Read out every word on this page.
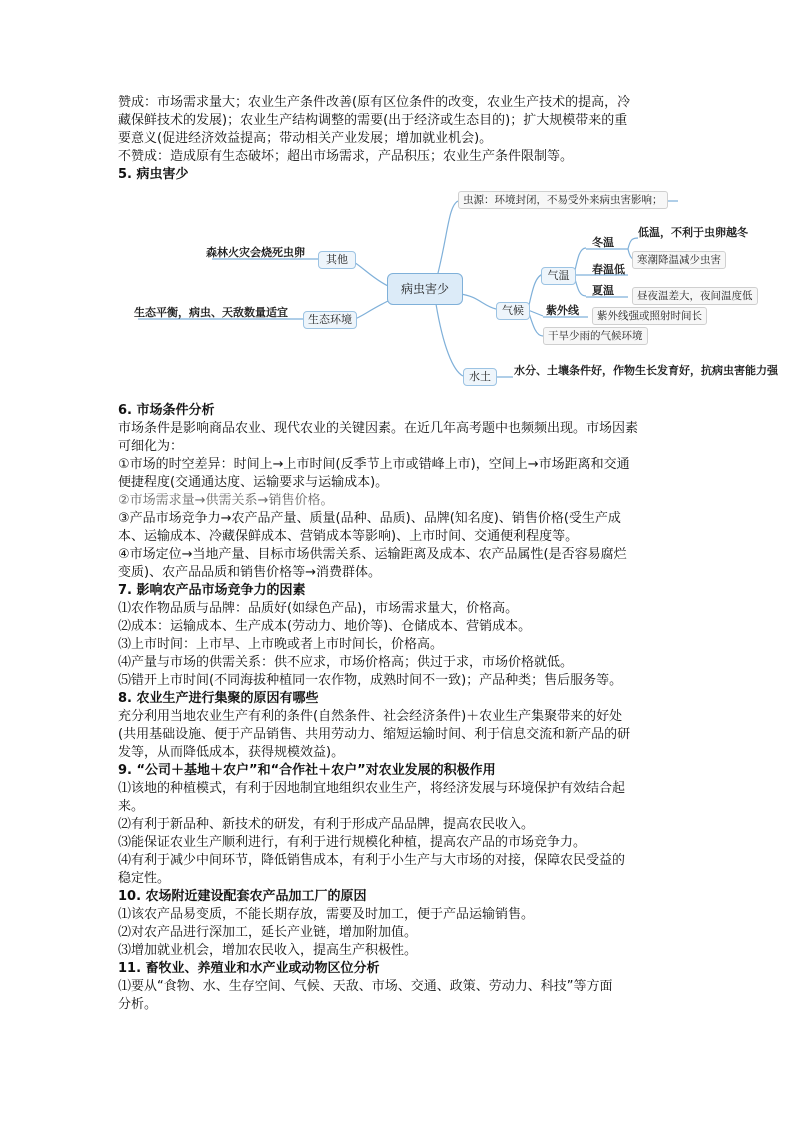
赞成：市场需求量大；农业生产条件改善(原有区位条件的改变，农业生产技术的提高，冷

藏保鲜技术的发展)；农业生产结构调整的需要(出于经济或生态目的)；扩大规模带来的重

要意义(促进经济效益提高；带动相关产业发展；增加就业机会)。

不赞成：造成原有生态破坏；超出市场需求，产品积压；农业生产条件限制等。

5. 病虫害少

虫源：环境封闭，不易受外来病虫害影响；
森林火灾会烧死虫卵
其他
生态平衡，病虫、天敌数量适宜
生态环境
病虫害少
气候
气温
冬温
低温，不利于虫卵越冬
寒潮降温减少虫害
春温低
夏温	昼夜温差大，夜间温度低
紫外线	紫外线强或照射时间长
干旱少雨的气候环境
水土	水分、土壤条件好，作物生长发育好，抗病虫害能力强

6. 市场条件分析

市场条件是影响商品农业、现代农业的关键因素。在近几年高考题中也频频出现。市场因素

可细化为：

①市场的时空差异：时间上→上市时间(反季节上市或错峰上市)，空间上→市场距离和交通

便捷程度(交通通达度、运输要求与运输成本)。

②市场需求量→供需关系→销售价格。

③产品市场竞争力→农产品产量、质量(品种、品质)、品牌(知名度)、销售价格(受生产成

本、运输成本、冷藏保鲜成本、营销成本等影响)、上市时间、交通便利程度等。

④市场定位→当地产量、目标市场供需关系、运输距离及成本、农产品属性(是否容易腐烂

变质)、农产品品质和销售价格等→消费群体。

7. 影响农产品市场竞争力的因素

⑴农作物品质与品牌：品质好(如绿色产品)，市场需求量大，价格高。

⑵成本：运输成本、生产成本(劳动力、地价等)、仓储成本、营销成本。

⑶上市时间：上市早、上市晚或者上市时间长，价格高。

⑷产量与市场的供需关系：供不应求，市场价格高；供过于求，市场价格就低。

⑸错开上市时间(不同海拔种植同一农作物，成熟时间不一致)；产品种类；售后服务等。

8. 农业生产进行集聚的原因有哪些

充分利用当地农业生产有利的条件(自然条件、社会经济条件)＋农业生产集聚带来的好处

(共用基础设施、便于产品销售、共用劳动力、缩短运输时间、利于信息交流和新产品的研

发等，从而降低成本，获得规模效益)。

9. “公司＋基地＋农户”和“合作社＋农户”对农业发展的积极作用

⑴该地的种植模式，有利于因地制宜地组织农业生产，将经济发展与环境保护有效结合起

来。

⑵有利于新品种、新技术的研发，有利于形成产品品牌，提高农民收入。

⑶能保证农业生产顺利进行，有利于进行规模化种植，提高农产品的市场竞争力。

⑷有利于减少中间环节，降低销售成本，有利于小生产与大市场的对接，保障农民受益的

稳定性。

10. 农场附近建设配套农产品加工厂的原因

⑴该农产品易变质，不能长期存放，需要及时加工，便于产品运输销售。

⑵对农产品进行深加工，延长产业链，增加附加值。

⑶增加就业机会，增加农民收入，提高生产积极性。

11. 畜牧业、养殖业和水产业或动物区位分析

⑴要从“食物、水、生存空间、气候、天敌、市场、交通、政策、劳动力、科技”等方面

分析。
